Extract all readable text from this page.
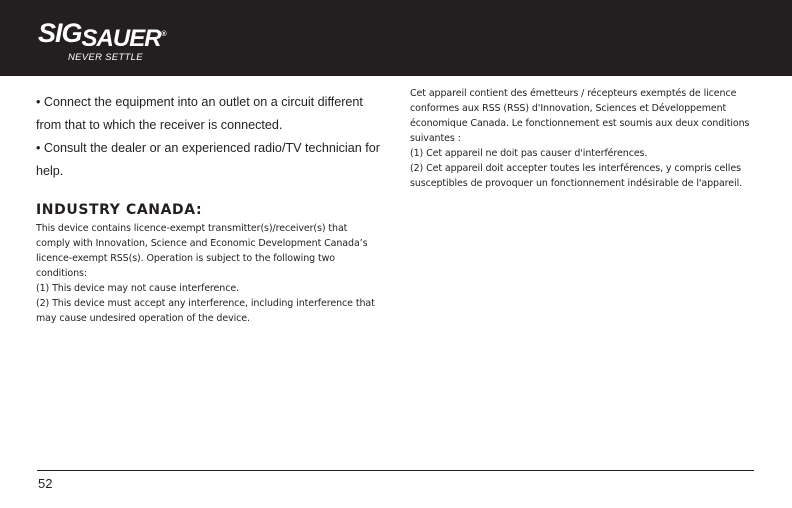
SIGSAUER®
NEVER SETTLE

• Connect the equipment into an outlet on a circuit different from that to which the receiver is connected.

• Consult the dealer or an experienced radio/TV technician for help.

INDUSTRY CANADA:

This device contains licence-exempt transmitter(s)/receiver(s) that comply with Innovation, Science and Economic Development Canada’s licence-exempt RSS(s). Operation is subject to the following two conditions:

(1) This device may not cause interference.

(2) This device must accept any interference, including interference that may cause undesired operation of the device.

Cet appareil contient des émetteurs / récepteurs exemptés de licence conformes aux RSS (RSS) d'Innovation, Sciences et Développement économique Canada. Le fonctionnement est soumis aux deux conditions suivantes :

(1) Cet appareil ne doit pas causer d'interférences.

(2) Cet appareil doit accepter toutes les interférences, y compris celles susceptibles de provoquer un fonctionnement indésirable de l'appareil.

52
